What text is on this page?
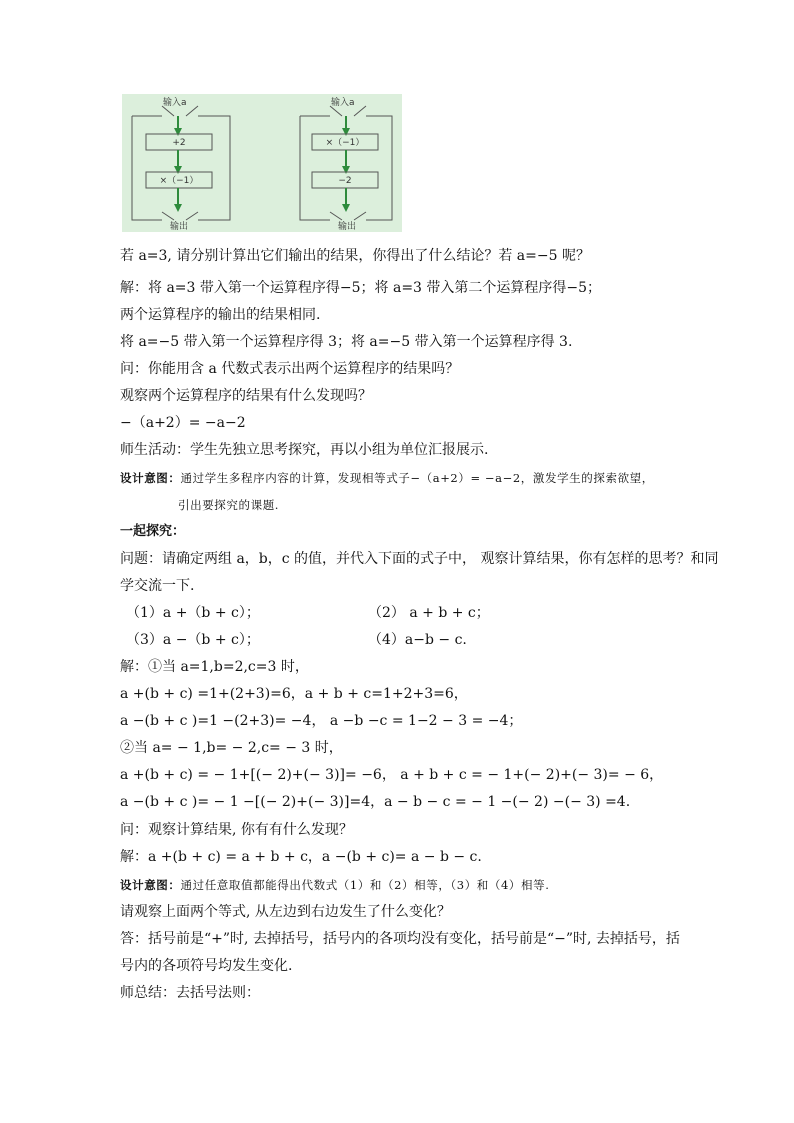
输入a
+2
×（−1）
输出
输入a
×（−1）
−2
输出
若 a=3, 请分别计算出它们输出的结果，你得出了什么结论？若 a=−5 呢？
解：将 a=3 带入第一个运算程序得−5；将 a=3 带入第二个运算程序得−5；
两个运算程序的输出的结果相同.
将 a=−5 带入第一个运算程序得 3；将 a=−5 带入第一个运算程序得 3.
问：你能用含 a 代数式表示出两个运算程序的结果吗？
观察两个运算程序的结果有什么发现吗？
−（a+2）= −a−2
师生活动：学生先独立思考探究，再以小组为单位汇报展示.
设计意图：通过学生多程序内容的计算，发现相等式子−（a+2）= −a−2，激发学生的探索欲望，
引出要探究的课题.
一起探究：
问题：请确定两组 a，b，c 的值，并代入下面的式子中， 观察计算结果，你有怎样的思考？和同
学交流一下.
（1）a +（b + c）；	（2） a + b + c；
（3）a −（b + c）；	（4）a−b − c.
解：①当 a=1,b=2,c=3 时，
a +(b + c) =1+(2+3)=6，a + b + c=1+2+3=6，
a −(b + c )=1 −(2+3)= −4， a −b −c = 1−2 − 3 = −4；
②当 a= − 1,b= − 2,c= − 3 时，
a +(b + c) = − 1+[(− 2)+(− 3)]= −6， a + b + c = − 1+(− 2)+(− 3)= − 6，
a −(b + c )= − 1 −[(− 2)+(− 3)]=4，a − b − c = − 1 −(− 2) −(− 3) =4.
问：观察计算结果, 你有有什么发现？
解：a +(b + c) = a + b + c，a −(b + c)= a − b − c.
设计意图：通过任意取值都能得出代数式（1）和（2）相等，（3）和（4）相等.
请观察上面两个等式, 从左边到右边发生了什么变化？
答：括号前是“+”时, 去掉括号，括号内的各项均没有变化，括号前是“−”时, 去掉括号，括
号内的各项符号均发生变化.
师总结：去括号法则：
